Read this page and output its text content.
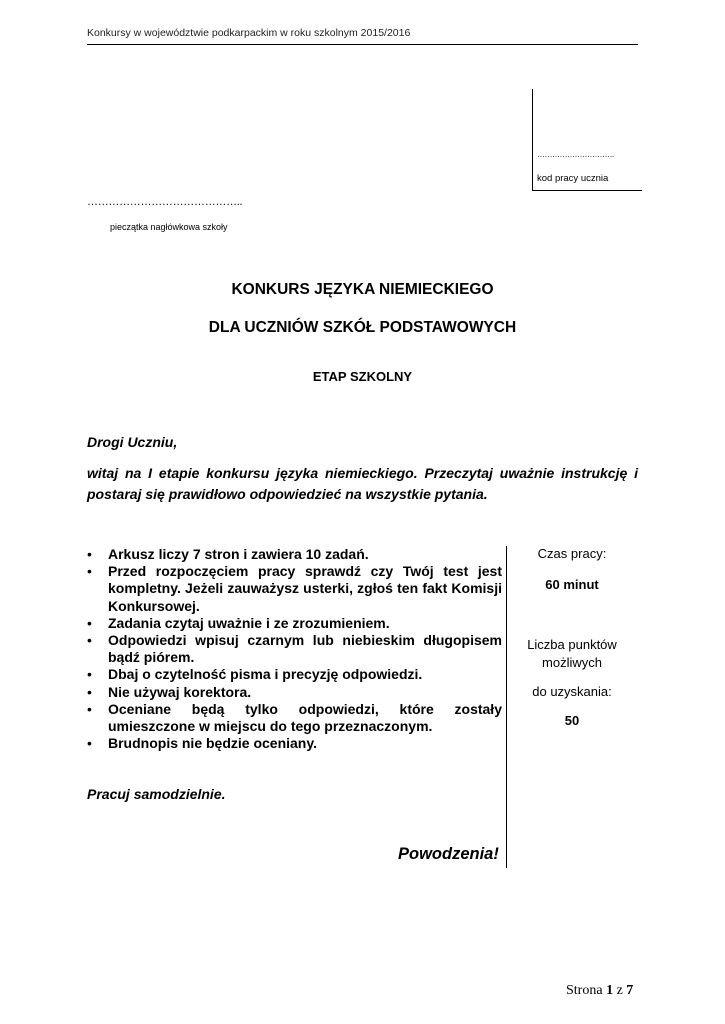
Konkursy w województwie podkarpackim w roku szkolnym 2015/2016
………………………….
kod pracy ucznia
……………………………………..
pieczątka nagłówkowa szkoły
KONKURS JĘZYKA NIEMIECKIEGO
DLA UCZNIÓW SZKÓŁ PODSTAWOWYCH
ETAP SZKOLNY
Drogi Uczniu,
witaj na I etapie konkursu języka niemieckiego. Przeczytaj uważnie instrukcję i postaraj się prawidłowo odpowiedzieć na wszystkie pytania.
• Arkusz liczy 7 stron i zawiera 10 zadań.
• Przed rozpoczęciem pracy sprawdź czy Twój test jest kompletny. Jeżeli zauważysz usterki, zgłoś ten fakt Komisji Konkursowej.
• Zadania czytaj uważnie i ze zrozumieniem.
• Odpowiedzi wpisuj czarnym lub niebieskim długopisem bądź piórem.
• Dbaj o czytelność pisma i precyzję odpowiedzi.
• Nie używaj korektora.
• Oceniane będą tylko odpowiedzi, które zostały umieszczone w miejscu do tego przeznaczonym.
• Brudnopis nie będzie oceniany.
Pracuj samodzielnie.
Powodzenia!
Czas pracy:
60 minut
Liczba punktów możliwych
do uzyskania:
50
Strona 1 z 7
